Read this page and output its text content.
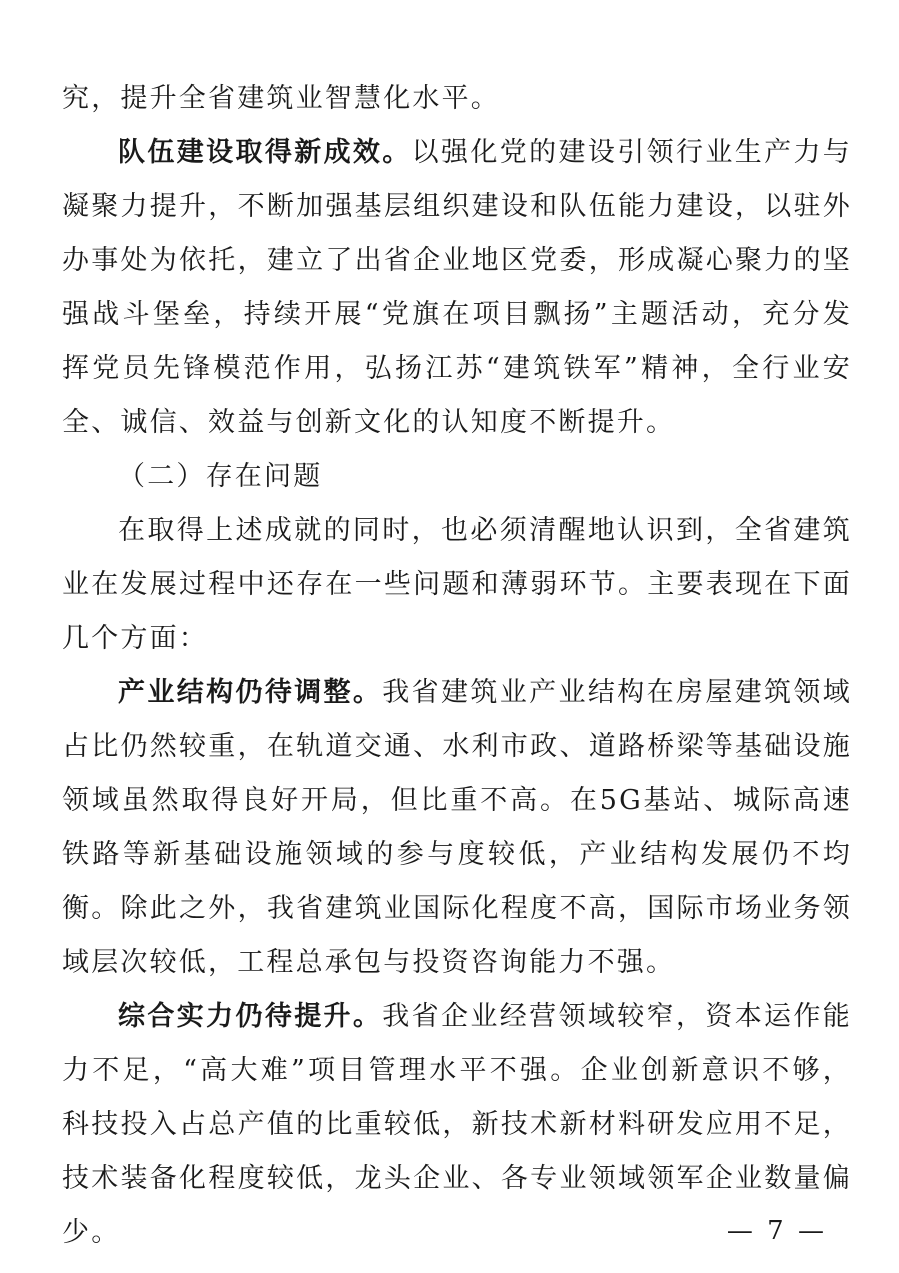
究，提升全省建筑业智慧化水平。

队伍建设取得新成效。以强化党的建设引领行业生产力与凝聚力提升，不断加强基层组织建设和队伍能力建设，以驻外办事处为依托，建立了出省企业地区党委，形成凝心聚力的坚强战斗堡垒，持续开展“党旗在项目飘扬”主题活动，充分发挥党员先锋模范作用，弘扬江苏“建筑铁军”精神，全行业安全、诚信、效益与创新文化的认知度不断提升。

（二）存在问题

在取得上述成就的同时，也必须清醒地认识到，全省建筑业在发展过程中还存在一些问题和薄弱环节。主要表现在下面几个方面：

产业结构仍待调整。我省建筑业产业结构在房屋建筑领域占比仍然较重，在轨道交通、水利市政、道路桥梁等基础设施领域虽然取得良好开局，但比重不高。在5G基站、城际高速铁路等新基础设施领域的参与度较低，产业结构发展仍不均衡。除此之外，我省建筑业国际化程度不高，国际市场业务领域层次较低，工程总承包与投资咨询能力不强。

综合实力仍待提升。我省企业经营领域较窄，资本运作能力不足，“高大难”项目管理水平不强。企业创新意识不够，科技投入占总产值的比重较低，新技术新材料研发应用不足，技术装备化程度较低，龙头企业、各专业领域领军企业数量偏少。	— 7 —
